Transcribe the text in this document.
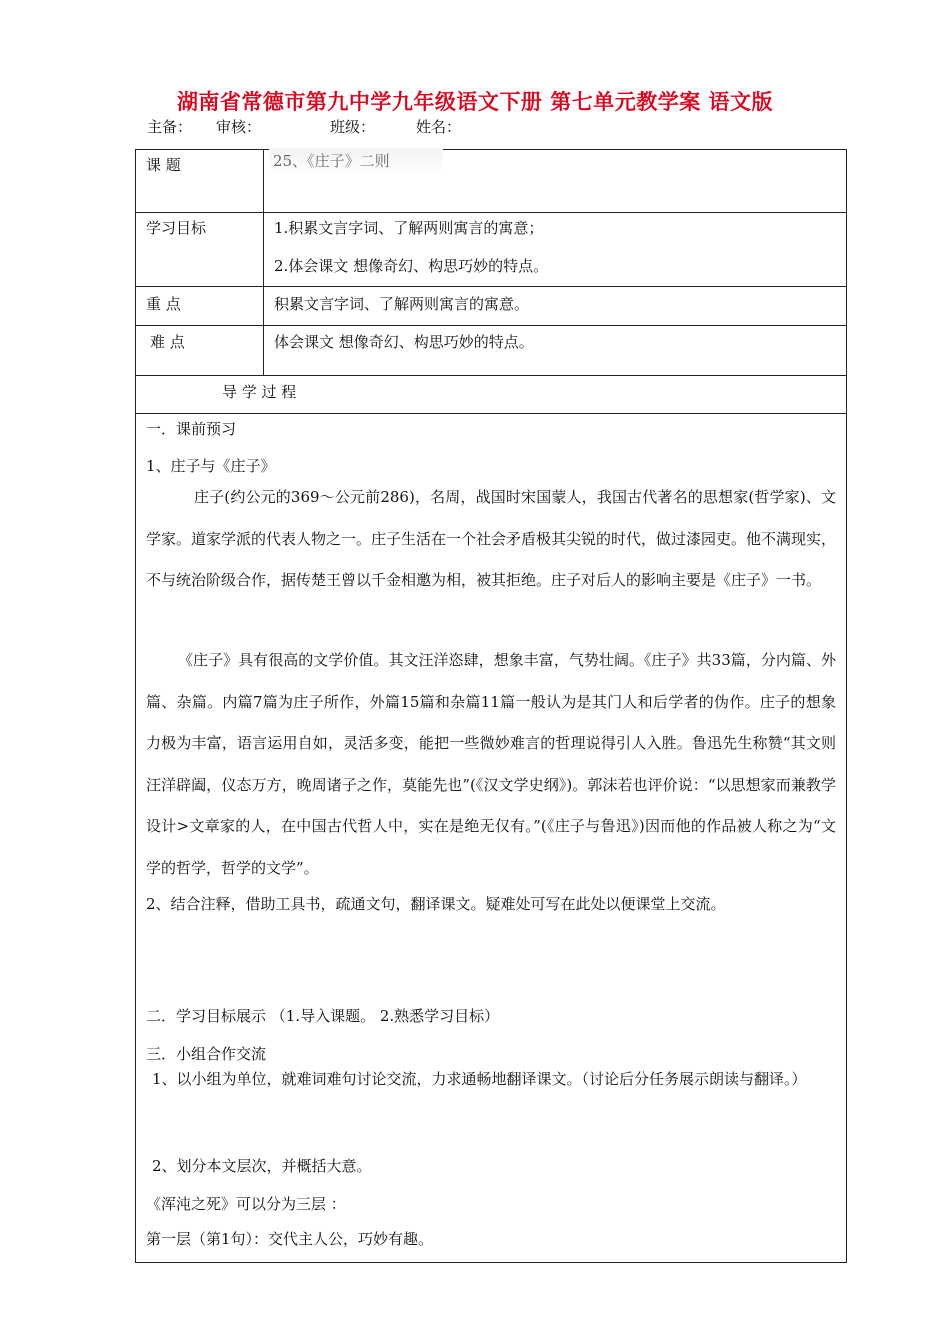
湖南省常德市第九中学九年级语文下册 第七单元教学案 语文版
主备： 审核：	班级：	姓名：
课 题	25、《庄子》二则
学习目标	1.积累文言字词、了解两则寓言的寓意；
2.体会课文 想像奇幻、构思巧妙的特点。
重 点	积累文言字词、了解两则寓言的寓意。
难 点	体会课文 想像奇幻、构思巧妙的特点。
导 学 过 程
一．课前预习
1、庄子与《庄子》
庄子(约公元的369～公元前286)，名周，战国时宋国蒙人，我国古代著名的思想家(哲学家)、文学家。道家学派的代表人物之一。庄子生活在一个社会矛盾极其尖锐的时代，做过漆园吏。他不满现实，不与统治阶级合作，据传楚王曾以千金相邀为相，被其拒绝。庄子对后人的影响主要是《庄子》一书。
《庄子》具有很高的文学价值。其文汪洋恣肆，想象丰富，气势壮阔。《庄子》共33篇，分内篇、外篇、杂篇。内篇7篇为庄子所作，外篇15篇和杂篇11篇一般认为是其门人和后学者的伪作。庄子的想象力极为丰富，语言运用自如，灵活多变，能把一些微妙难言的哲理说得引人入胜。鲁迅先生称赞“其文则汪洋辟阖，仪态万方，晚周诸子之作，莫能先也”(《汉文学史纲》)。郭沫若也评价说：“以思想家而兼教学设计>文章家的人，在中国古代哲人中，实在是绝无仅有。”(《庄子与鲁迅》)因而他的作品被人称之为“文学的哲学，哲学的文学”。
2、结合注释，借助工具书，疏通文句，翻译课文。疑难处可写在此处以便课堂上交流。
二．学习目标展示 （1.导入课题。 2.熟悉学习目标）
三．小组合作交流
1、以小组为单位，就难词难句讨论交流，力求通畅地翻译课文。（讨论后分任务展示朗读与翻译。）
2、划分本文层次，并概括大意。
《浑沌之死》可以分为三层 ：
第一层（第1句）：交代主人公，巧妙有趣。
